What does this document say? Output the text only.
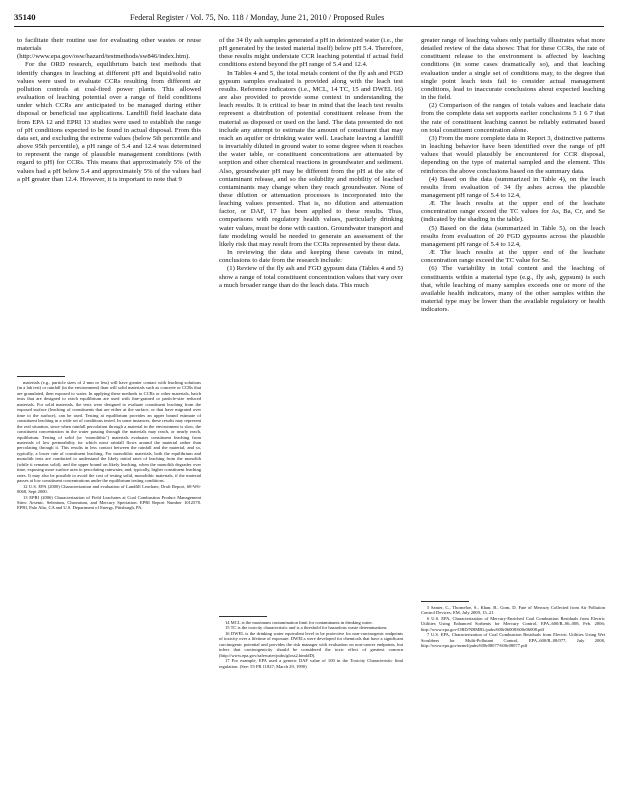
35140	Federal Register / Vol. 75, No. 118 / Monday, June 21, 2010 / Proposed Rules

to facilitate their routine use for evaluating other wastes or reuse materials (http://www.epa.gov/osw/hazard/testmethods/sw846/index.htm).

For the ORD research, equilibrium batch test methods that identify changes in leaching at different pH and liquid/solid ratio values were used to evaluate CCRs resulting from different air pollution controls at coal-fired power plants. This allowed evaluation of leaching potential over a range of field conditions under which CCRs are anticipated to be managed during either disposal or beneficial use applications. Landfill field leachate data from EPA 12 and EPRI 13 studies were used to establish the range of pH conditions expected to be found in actual disposal. From this data set, and excluding the extreme values (below 5th percentile and above 95th percentile), a pH range of 5.4 and 12.4 was determined to represent the range of plausible management conditions (with regard to pH) for CCRs. This means that approximately 5% of the values had a pH below 5.4 and approximately 5% of the values had a pH greater than 12.4. However, it is important to note that 9

materials (e.g., particle sizes of 2 mm or less) will have greater contact with leaching solutions (in a lab test) or rainfall (in the environment) than will solid materials such as concrete or CCRs that are granulated, then exposed to water. In applying these methods to CCRs or other materials, batch tests that are designed to reach equilibrium are used with fine-grained or particle-size reduced materials. For solid materials, the tests were designed to evaluate constituent leaching from the exposed surface (leaching of constituents that are either at the surface, or that have migrated over time to the surface), can be used. Testing at equilibrium provides an upper bound estimate of constituent leaching in a wide set of conditions tested. In some instances, these results may represent the real situation, since when rainfall percolation through a material in the environment is slow, the constituent concentration in the water passing through the materials may reach, or nearly reach, equilibrium. Testing of solid (or ‘monolithic’) materials evaluates constituent leaching from materials of low permeability for which most rainfall flows around the material rather than percolating through it. This results in less contact between the rainfall and the material, and so, typically, a lower rate of constituent leaching. For monolithic materials, both the equilibrium and monolith tests are conducted to understand the likely initial rates of leaching from the monolith (while it remains solid), and the upper bound on likely leaching, when the monolith degrades over time, exposing more surface area to percolating rainwater, and, typically, higher constituent leaching rates. It may also be possible to avoid the cost of testing solid, monolithic materials, if the material passes at low constituent concentrations under the equilibrium testing conditions.

12 U.S. EPA (2000) Characterization and evaluation of Landfill Leachate, Draft Report, 68-W6-0068, Sept 2000.

13 EPRI (2006) Characterization of Field Leachates at Coal Combustion Product Management Sites: Arsenic, Selenium, Chromium, and Mercury Speciation. EPRI Report Number 1012578. EPRI, Palo Alto, CA and U.S. Department of Energy, Pittsburgh, PA.

of the 34 fly ash samples generated a pH in deionized water (i.e., the pH generated by the tested material itself) below pH 5.4. Therefore, these results might understate CCR leaching potential if actual field conditions extend beyond the pH range of 5.4 and 12.4.

In Tables 4 and 5, the total metals content of the fly ash and FGD gypsum samples evaluated is provided along with the leach test results. Reference indicators (i.e., MCL, 14 TC, 15 and DWEL 16) are also provided to provide some context in understanding the leach results. It is critical to bear in mind that the leach test results represent a distribution of potential constituent release from the material as disposed or used on the land. The data presented do not include any attempt to estimate the amount of constituent that may reach an aquifer or drinking water well. Leachate leaving a landfill is invariably diluted in ground water to some degree when it reaches the water table, or constituent concentrations are attenuated by sorption and other chemical reactions in groundwater and sediment. Also, groundwater pH may be different from the pH at the site of contaminant release, and so the solubility and mobility of leached contaminants may change when they reach groundwater. None of these dilution or attenuation processes is incorporated into the leaching values presented. That is, no dilution and attenuation factor, or DAF, 17 has been applied to these results. Thus, comparisons with regulatory health values, particularly drinking water values, must be done with caution. Groundwater transport and fate modeling would be needed to generate an assessment of the likely risk that may result from the CCRs represented by these data.

In reviewing the data and keeping these caveats in mind, conclusions to date from the research include:

(1) Review of the fly ash and FGD gypsum data (Tables 4 and 5) show a range of total constituent concentration values that vary over a much broader range than do the leach data. This much

14 MCL is the maximum contamination limit for contaminants in drinking water.

15 TC is the toxicity characteristic and is a threshold for hazardous waste determinations.

16 DWEL is the drinking water equivalent level to be protective for non-carcinogenic endpoints of toxicity over a lifetime of exposure. DWELs were developed for chemicals that have a significant carcinogenic potential and provides the risk manager with evaluation on non-cancer endpoints, but infers that carcinogenicity should be considered the toxic effect of greatest concern (http://www.epa.gov/safewater/pubs/gloss2.html#D).

17 For example, EPA used a generic DAF value of 100 in the Toxicity Characteristic final regulation. (See: 55 FR 11827; March 29, 1990)

greater range of leaching values only partially illustrates what more detailed review of the data shows: That for these CCRs, the rate of constituent release to the environment is affected by leaching conditions (in some cases dramatically so), and that leaching evaluation under a single set of conditions may, to the degree that single point leach tests fail to consider actual management conditions, lead to inaccurate conclusions about expected leaching in the field.

(2) Comparison of the ranges of totals values and leachate data from the complete data set supports earlier conclusions 5 1 6 7 that the rate of constituent leaching cannot be reliably estimated based on total constituent concentration alone.

(3) From the more complete data in Report 3, distinctive patterns in leaching behavior have been identified over the range of pH values that would plausibly be encountered for CCR disposal, depending on the type of material sampled and the element. This reinforces the above conclusions based on the summary data.

(4) Based on the data (summarized in Table 4), on the leach results from evaluation of 34 fly ashes across the plausible management pH range of 5.4 to 12.4,

Æ The leach results at the upper end of the leachate concentration range exceed the TC values for As, Ba, Cr, and Se (indicated by the shading in the table).

(5) Based on the data (summarized in Table 5), on the leach results from evaluation of 20 FGD gypsums across the plausible management pH range of 5.4 to 12.4,

Æ The leach results at the upper end of the leachate concentration range exceed the TC value for Se.

(6) The variability in total content and the leaching of constituents within a material type (e.g., fly ash, gypsum) is such that, while leaching of many samples exceeds one or more of the available health indicators, many of the other samples within the material type may be lower than the available regulatory or health indicators.

5 Sanier, C., Thorneloe, S., Khan, B., Gom, D. Fate of Mercury Collected from Air Pollution Control Devices, EM, July 2009, 15–21.

6 U.S. EPA, Characterization of Mercury-Enriched Coal Combustion Residuals from Electric Utilities Using Enhanced Sorbents for Mercury Control, EPA–600/R–06–008, Feb. 2006; http://www.epa.gov/ORD/NRMRL/pubs/600r06008/600r06008.pdf

7 U.S. EPA, Characterization of Coal Combustion Residuals from Electric Utilities Using Wet Scrubbers for Multi-Pollutant Control, EPA–600/R–08/077, July 2008, http://www.epa.gov/nrmrl/pubs/600r08077/600r08077.pdf
